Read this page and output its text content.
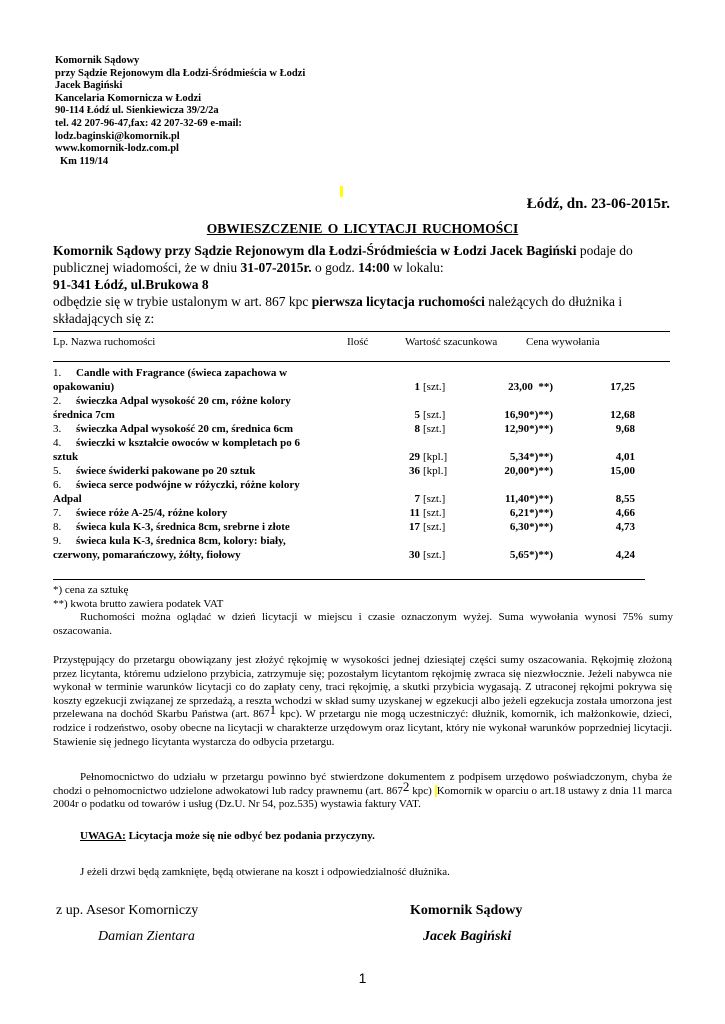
Komornik Sądowy
przy Sądzie Rejonowym dla Łodzi-Śródmieścia w Łodzi
Jacek Bagiński
Kancelaria Komornicza w Łodzi
90-114 Łódź ul. Sienkiewicza 39/2/2a
tel. 42 207-96-47,fax: 42 207-32-69 e-mail:
lodz.baginski@komornik.pl
www.komornik-lodz.com.pl
Km 119/14
Łódź, dn. 23-06-2015r.
OBWIESZCZENIE O LICYTACJI RUCHOMOŚCI
Komornik Sądowy przy Sądzie Rejonowym dla Łodzi-Śródmieścia w Łodzi Jacek Bagiński podaje do publicznej wiadomości, że w dniu 31-07-2015r. o godz. 14:00 w lokalu:
91-341 Łódź, ul.Brukowa 8
odbędzie się w trybie ustalonym w art. 867 kpc pierwsza licytacja ruchomości należących do dłużnika i składających się z:
Lp. Nazwa ruchomości	Ilość	Wartość szacunkowa	Cena wywołania
1. Candle with Fragrance (świeca zapachowa w
opakowaniu)	1 [szt.]	23,00  **)	17,25
2. świeczka Adpal wysokość 20 cm, różne kolory
średnica 7cm	5 [szt.]	16,90*)**)	12,68
3. świeczka Adpal wysokość 20 cm, średnica 6cm	8 [szt.]	12,90*)**)	9,68
4. świeczki w kształcie owoców w kompletach po 6
sztuk	29 [kpl.]	5,34*)**)	4,01
5. świece świderki pakowane po 20 sztuk	36 [kpl.]	20,00*)**)	15,00
6. świeca serce podwójne w różyczki, różne kolory
Adpal	7 [szt.]	11,40*)**)	8,55
7. świece róże A-25/4, różne kolory	11 [szt.]	6,21*)**)	4,66
8. świeca kula K-3, średnica 8cm, srebrne i złote	17 [szt.]	6,30*)**)	4,73
9. świeca kula K-3, średnica 8cm, kolory: biały,
czerwony, pomarańczowy, żółty, fiołowy	30 [szt.]	5,65*)**)	4,24
*) cena za sztukę
**) kwota brutto zawiera podatek VAT
Ruchomości można oglądać w dzień licytacji w miejscu i czasie oznaczonym wyżej. Suma wywołania wynosi 75% sumy oszacowania.
Przystępujący do przetargu obowiązany jest złożyć rękojmię w wysokości jednej dziesiątej części sumy oszacowania. Rękojmię złożoną przez licytanta, któremu udzielono przybicia, zatrzymuje się; pozostałym licytantom rękojmię zwraca się niezwłocznie. Jeżeli nabywca nie wykonał w terminie warunków licytacji co do zapłaty ceny, traci rękojmię, a skutki przybicia wygasają. Z utraconej rękojmi pokrywa się koszty egzekucji związanej ze sprzedażą, a reszta wchodzi w skład sumy uzyskanej w egzekucji albo jeżeli egzekucja została umorzona jest przelewana na dochód Skarbu Państwa (art. $867^1$ kpc). W przetargu nie mogą uczestniczyć: dłużnik, komornik, ich małżonkowie, dzieci, rodzice i rodzeństwo, osoby obecne na licytacji w charakterze urzędowym oraz licytant, który nie wykonał warunków poprzedniej licytacji. Stawienie się jednego licytanta wystarcza do odbycia przetargu.
Pełnomocnictwo do udziału w przetargu powinno być stwierdzone dokumentem z podpisem urzędowo poświadczonym, chyba że chodzi o pełnomocnictwo udzielone adwokatowi lub radcy prawnemu (art. $867^2$ kpc) Komornik w oparciu o art.18 ustawy z dnia 11 marca 2004r o podatku od towarów i usług (Dz.U. Nr 54, poz.535) wystawia faktury VAT.
UWAGA: Licytacja może się nie odbyć bez podania przyczyny.
J eżeli drzwi będą zamknięte, będą otwierane na koszt i odpowiedzialność dłużnika.
z up. Asesor Komorniczy
Damian Zientara
Komornik Sądowy
Jacek Bagiński
1
